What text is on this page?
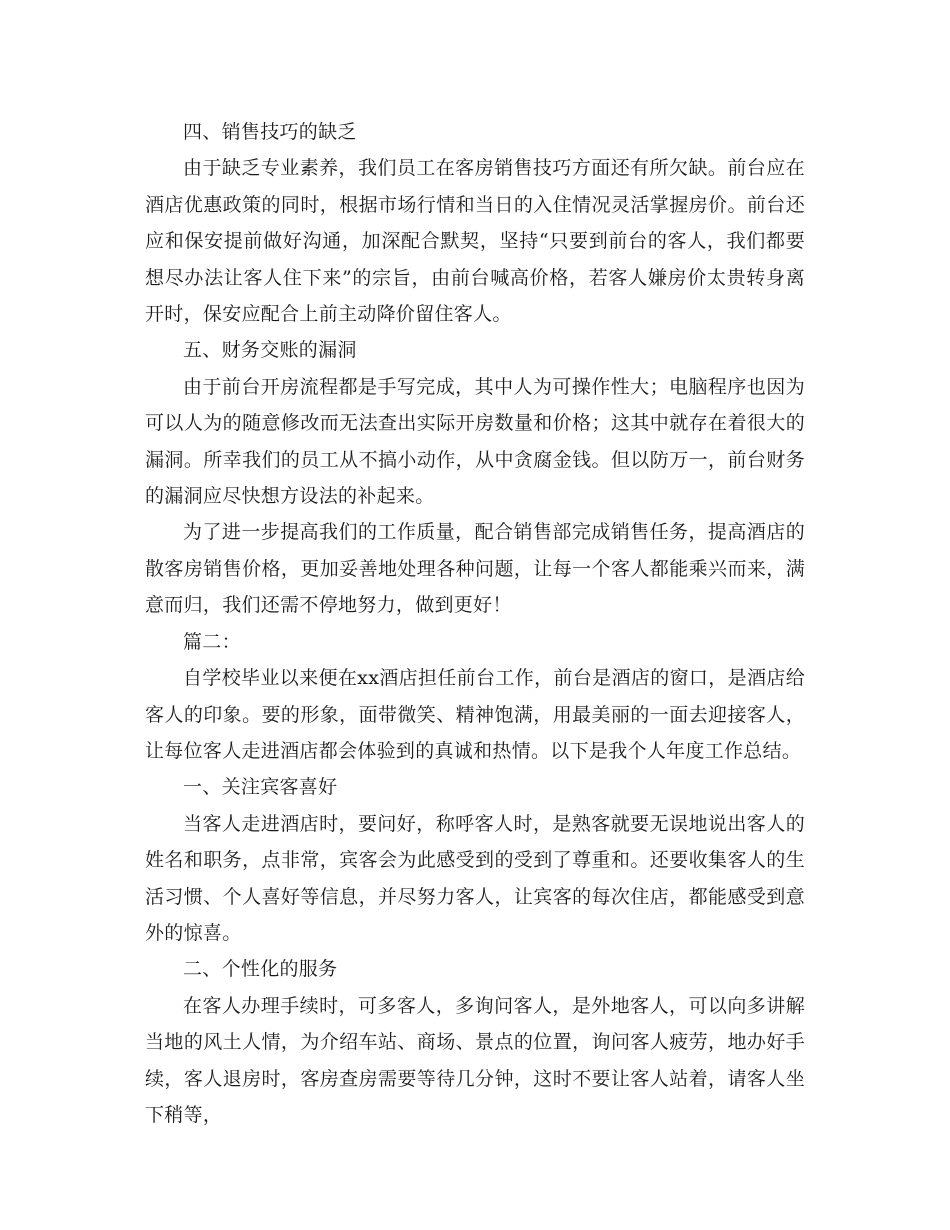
四、销售技巧的缺乏

由于缺乏专业素养，我们员工在客房销售技巧方面还有所欠缺。前台应在酒店优惠政策的同时，根据市场行情和当日的入住情况灵活掌握房价。前台还应和保安提前做好沟通，加深配合默契，坚持“只要到前台的客人，我们都要想尽办法让客人住下来”的宗旨，由前台喊高价格，若客人嫌房价太贵转身离开时，保安应配合上前主动降价留住客人。

五、财务交账的漏洞

由于前台开房流程都是手写完成，其中人为可操作性大；电脑程序也因为可以人为的随意修改而无法查出实际开房数量和价格；这其中就存在着很大的漏洞。所幸我们的员工从不搞小动作，从中贪腐金钱。但以防万一，前台财务的漏洞应尽快想方设法的补起来。

为了进一步提高我们的工作质量，配合销售部完成销售任务，提高酒店的散客房销售价格，更加妥善地处理各种问题，让每一个客人都能乘兴而来，满意而归，我们还需不停地努力，做到更好！

篇二：

自学校毕业以来便在xx酒店担任前台工作，前台是酒店的窗口，是酒店给客人的印象。要的形象，面带微笑、精神饱满，用最美丽的一面去迎接客人，让每位客人走进酒店都会体验到的真诚和热情。以下是我个人年度工作总结。

一、关注宾客喜好

当客人走进酒店时，要问好，称呼客人时，是熟客就要无误地说出客人的姓名和职务，点非常，宾客会为此感受到的受到了尊重和。还要收集客人的生活习惯、个人喜好等信息，并尽努力客人，让宾客的每次住店，都能感受到意外的惊喜。

二、个性化的服务

在客人办理手续时，可多客人，多询问客人，是外地客人，可以向多讲解当地的风土人情，为介绍车站、商场、景点的位置，询问客人疲劳，地办好手续，客人退房时，客房查房需要等待几分钟，这时不要让客人站着，请客人坐下稍等，
